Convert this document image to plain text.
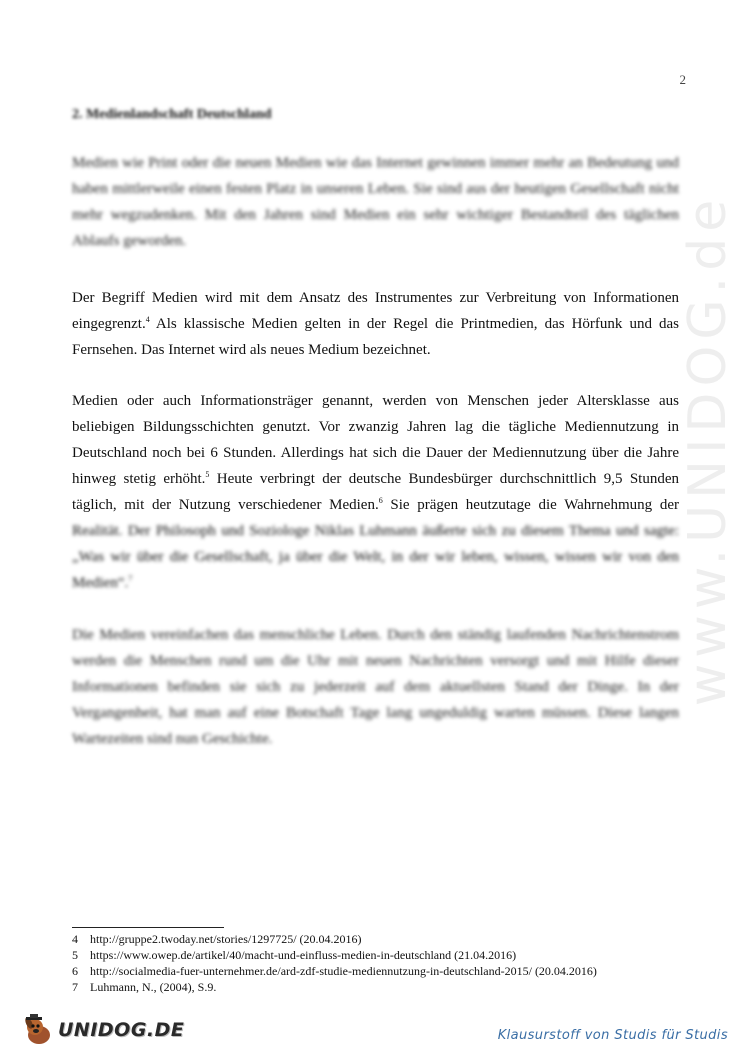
2
2. Medienlandschaft Deutschland

Medien wie Print oder die neuen Medien wie das Internet gewinnen immer mehr an Bedeutung und haben mittlerweile einen festen Platz in unseren Leben. Sie sind aus der heutigen Gesellschaft nicht mehr wegzudenken. Mit den Jahren sind Medien ein sehr wichtiger Bestandteil des täglichen Ablaufs geworden.

Der Begriff Medien wird mit dem Ansatz des Instrumentes zur Verbreitung von Informationen eingegrenzt.$^4$ Als klassische Medien gelten in der Regel die Printmedien, das Hörfunk und das Fernsehen. Das Internet wird als neues Medium bezeichnet.

Medien oder auch Informationsträger genannt, werden von Menschen jeder Altersklasse aus beliebigen Bildungsschichten genutzt. Vor zwanzig Jahren lag die tägliche Mediennutzung in Deutschland noch bei 6 Stunden. Allerdings hat sich die Dauer der Mediennutzung über die Jahre hinweg stetig erhöht.$^5$ Heute verbringt der deutsche Bundesbürger durchschnittlich 9,5 Stunden täglich, mit der Nutzung verschiedener Medien.$^6$ Sie prägen heutzutage die Wahrnehmung der Realität. Der Philosoph und Soziologe Niklas Luhmann äußerte sich zu diesem Thema und sagte: „Was wir über die Gesellschaft, ja über die Welt, in der wir leben, wissen, wissen wir von den Medien“.$^7$

Die Medien vereinfachen das menschliche Leben. Durch den ständig laufenden Nachrichtenstrom werden die Menschen rund um die Uhr mit neuen Nachrichten versorgt und mit Hilfe dieser Informationen befinden sie sich zu jederzeit auf dem aktuellsten Stand der Dinge. In der Vergangenheit, hat man auf eine Botschaft Tage lang ungeduldig warten müssen. Diese langen Wartezeiten sind nun Geschichte.

www.UNIDOG.de
4 http://gruppe2.twoday.net/stories/1297725/ (20.04.2016)
5 https://www.owep.de/artikel/40/macht-und-einfluss-medien-in-deutschland (21.04.2016)
6 http://socialmedia-fuer-unternehmer.de/ard-zdf-studie-mediennutzung-in-deutschland-2015/ (20.04.2016)
7 Luhmann, N., (2004), S.9.
UNIDOG.DE	Klausurstoff von Studis für Studis
